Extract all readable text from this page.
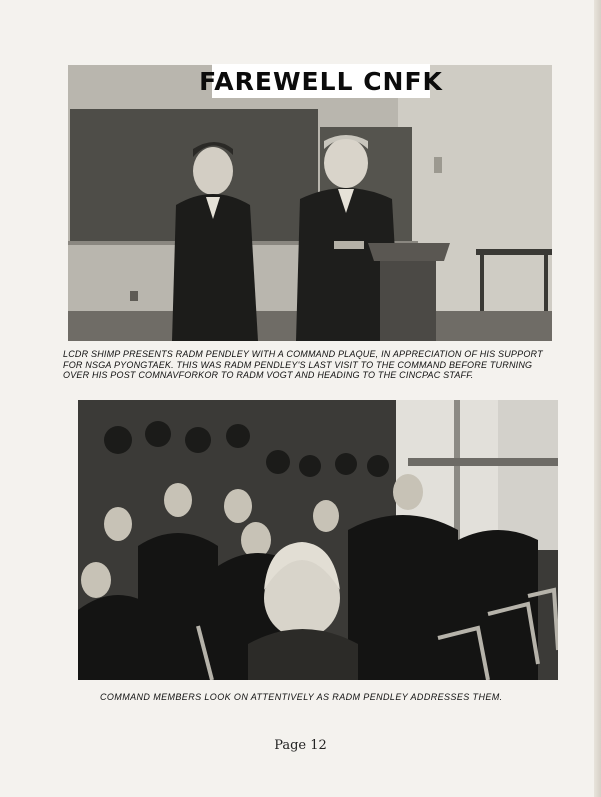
FAREWELL CNFK

LCDR SHIMP PRESENTS RADM PENDLEY WITH A COMMAND PLAQUE, IN APPRECIATION OF HIS SUPPORT FOR NSGA PYONGTAEK. THIS WAS RADM PENDLEY'S LAST VISIT TO THE COMMAND BEFORE TURNING OVER HIS POST COMNAVFORKOR TO RADM VOGT AND HEADING TO THE CINCPAC STAFF.

COMMAND MEMBERS LOOK ON ATTENTIVELY AS RADM PENDLEY ADDRESSES THEM.

Page 12
